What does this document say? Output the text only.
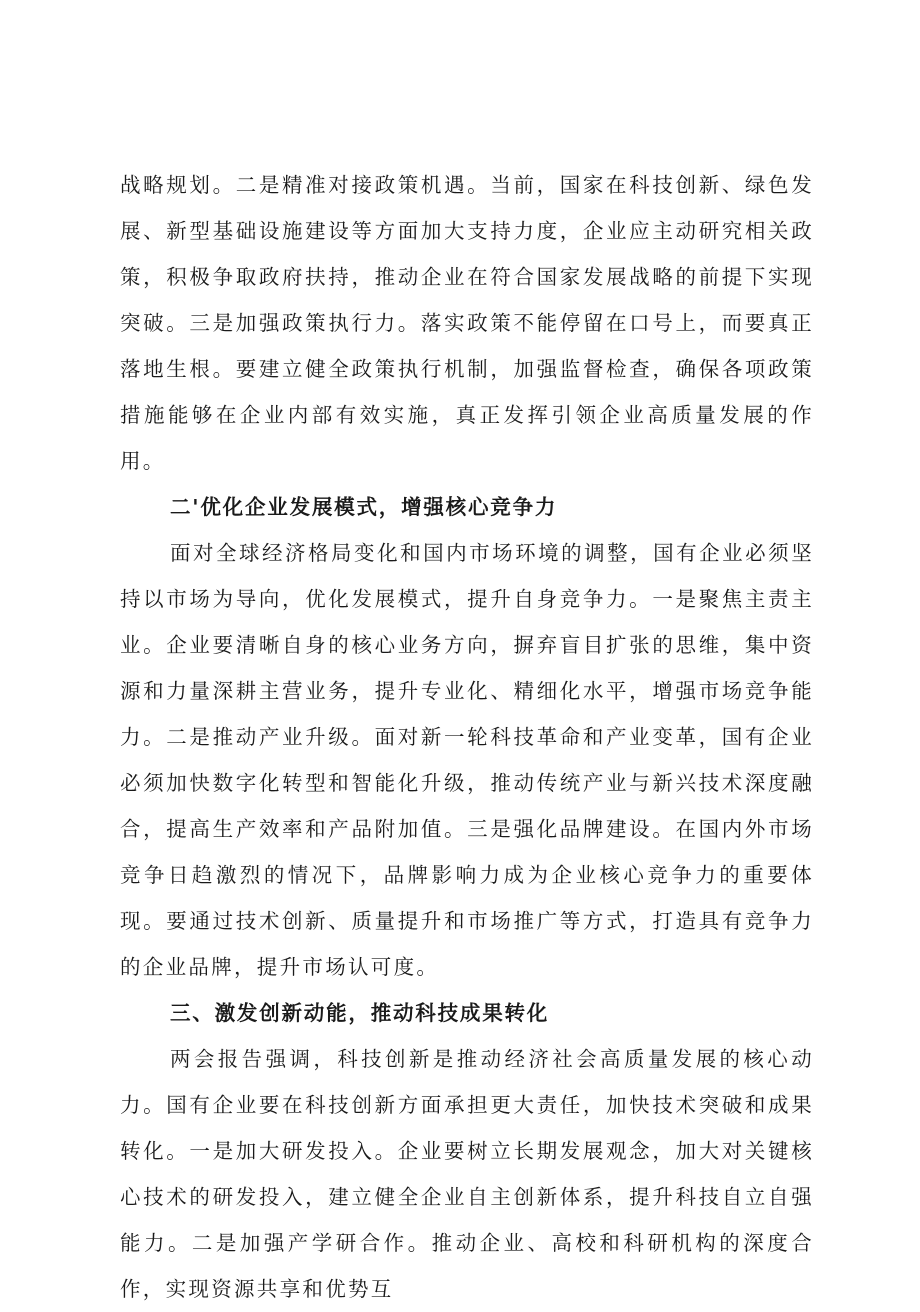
战略规划。二是精准对接政策机遇。当前，国家在科技创新、绿色发展、新型基础设施建设等方面加大支持力度，企业应主动研究相关政策，积极争取政府扶持，推动企业在符合国家发展战略的前提下实现突破。三是加强政策执行力。落实政策不能停留在口号上，而要真正落地生根。要建立健全政策执行机制，加强监督检查，确保各项政策措施能够在企业内部有效实施，真正发挥引领企业高质量发展的作用。

二'优化企业发展模式，增强核心竞争力

面对全球经济格局变化和国内市场环境的调整，国有企业必须坚持以市场为导向，优化发展模式，提升自身竞争力。一是聚焦主责主业。企业要清晰自身的核心业务方向，摒弃盲目扩张的思维，集中资源和力量深耕主营业务，提升专业化、精细化水平，增强市场竞争能力。二是推动产业升级。面对新一轮科技革命和产业变革，国有企业必须加快数字化转型和智能化升级，推动传统产业与新兴技术深度融合，提高生产效率和产品附加值。三是强化品牌建设。在国内外市场竞争日趋激烈的情况下，品牌影响力成为企业核心竞争力的重要体现。要通过技术创新、质量提升和市场推广等方式，打造具有竞争力的企业品牌，提升市场认可度。

三、激发创新动能，推动科技成果转化

两会报告强调，科技创新是推动经济社会高质量发展的核心动力。国有企业要在科技创新方面承担更大责任，加快技术突破和成果转化。一是加大研发投入。企业要树立长期发展观念，加大对关键核心技术的研发投入，建立健全企业自主创新体系，提升科技自立自强能力。二是加强产学研合作。推动企业、高校和科研机构的深度合作，实现资源共享和优势互
